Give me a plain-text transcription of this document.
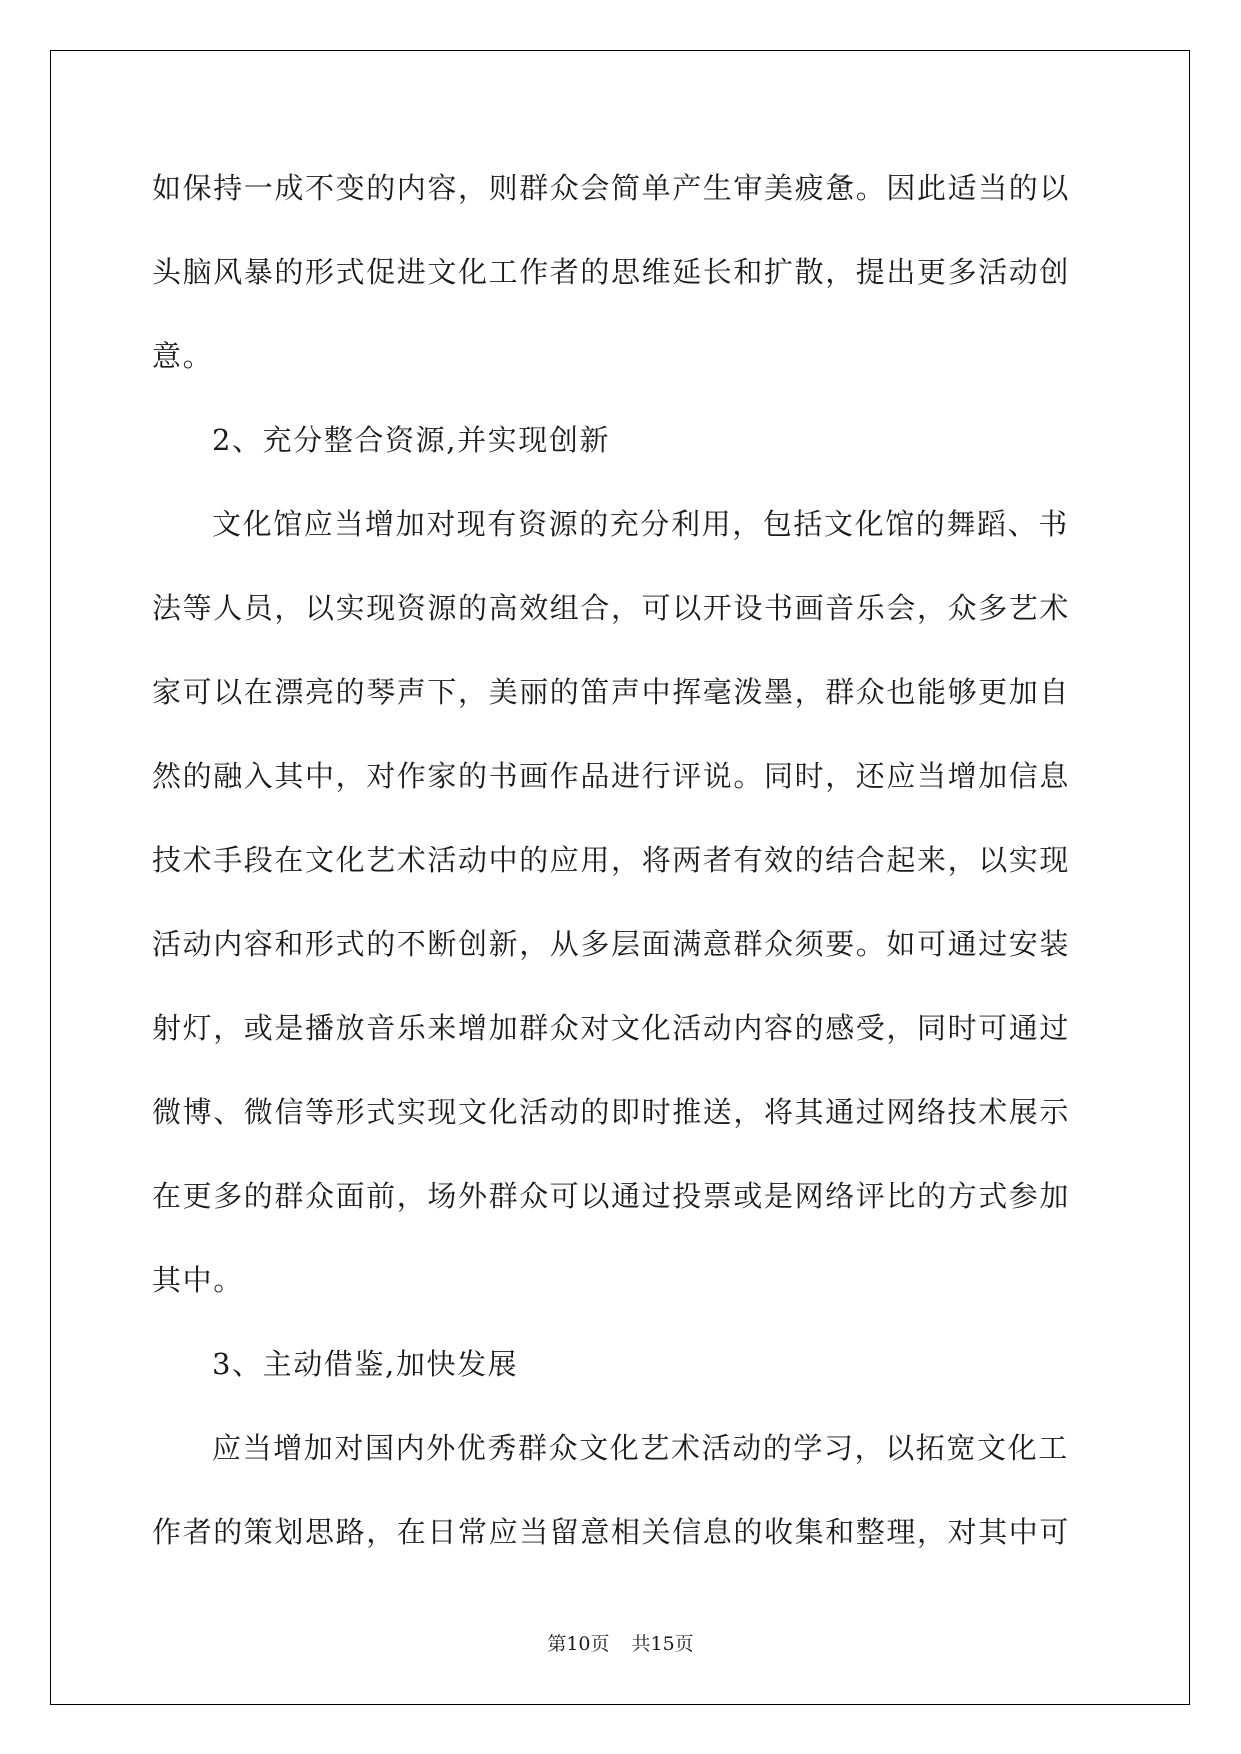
如保持一成不变的内容，则群众会简单产生审美疲惫。因此适当的以

头脑风暴的形式促进文化工作者的思维延长和扩散，提出更多活动创

意。

2、充分整合资源,并实现创新

文化馆应当增加对现有资源的充分利用，包括文化馆的舞蹈、书

法等人员，以实现资源的高效组合，可以开设书画音乐会，众多艺术

家可以在漂亮的琴声下，美丽的笛声中挥毫泼墨，群众也能够更加自

然的融入其中，对作家的书画作品进行评说。同时，还应当增加信息

技术手段在文化艺术活动中的应用，将两者有效的结合起来，以实现

活动内容和形式的不断创新，从多层面满意群众须要。如可通过安装

射灯，或是播放音乐来增加群众对文化活动内容的感受，同时可通过

微博、微信等形式实现文化活动的即时推送，将其通过网络技术展示

在更多的群众面前，场外群众可以通过投票或是网络评比的方式参加

其中。

3、主动借鉴,加快发展

应当增加对国内外优秀群众文化艺术活动的学习，以拓宽文化工

作者的策划思路，在日常应当留意相关信息的收集和整理，对其中可

第10页 共15页
